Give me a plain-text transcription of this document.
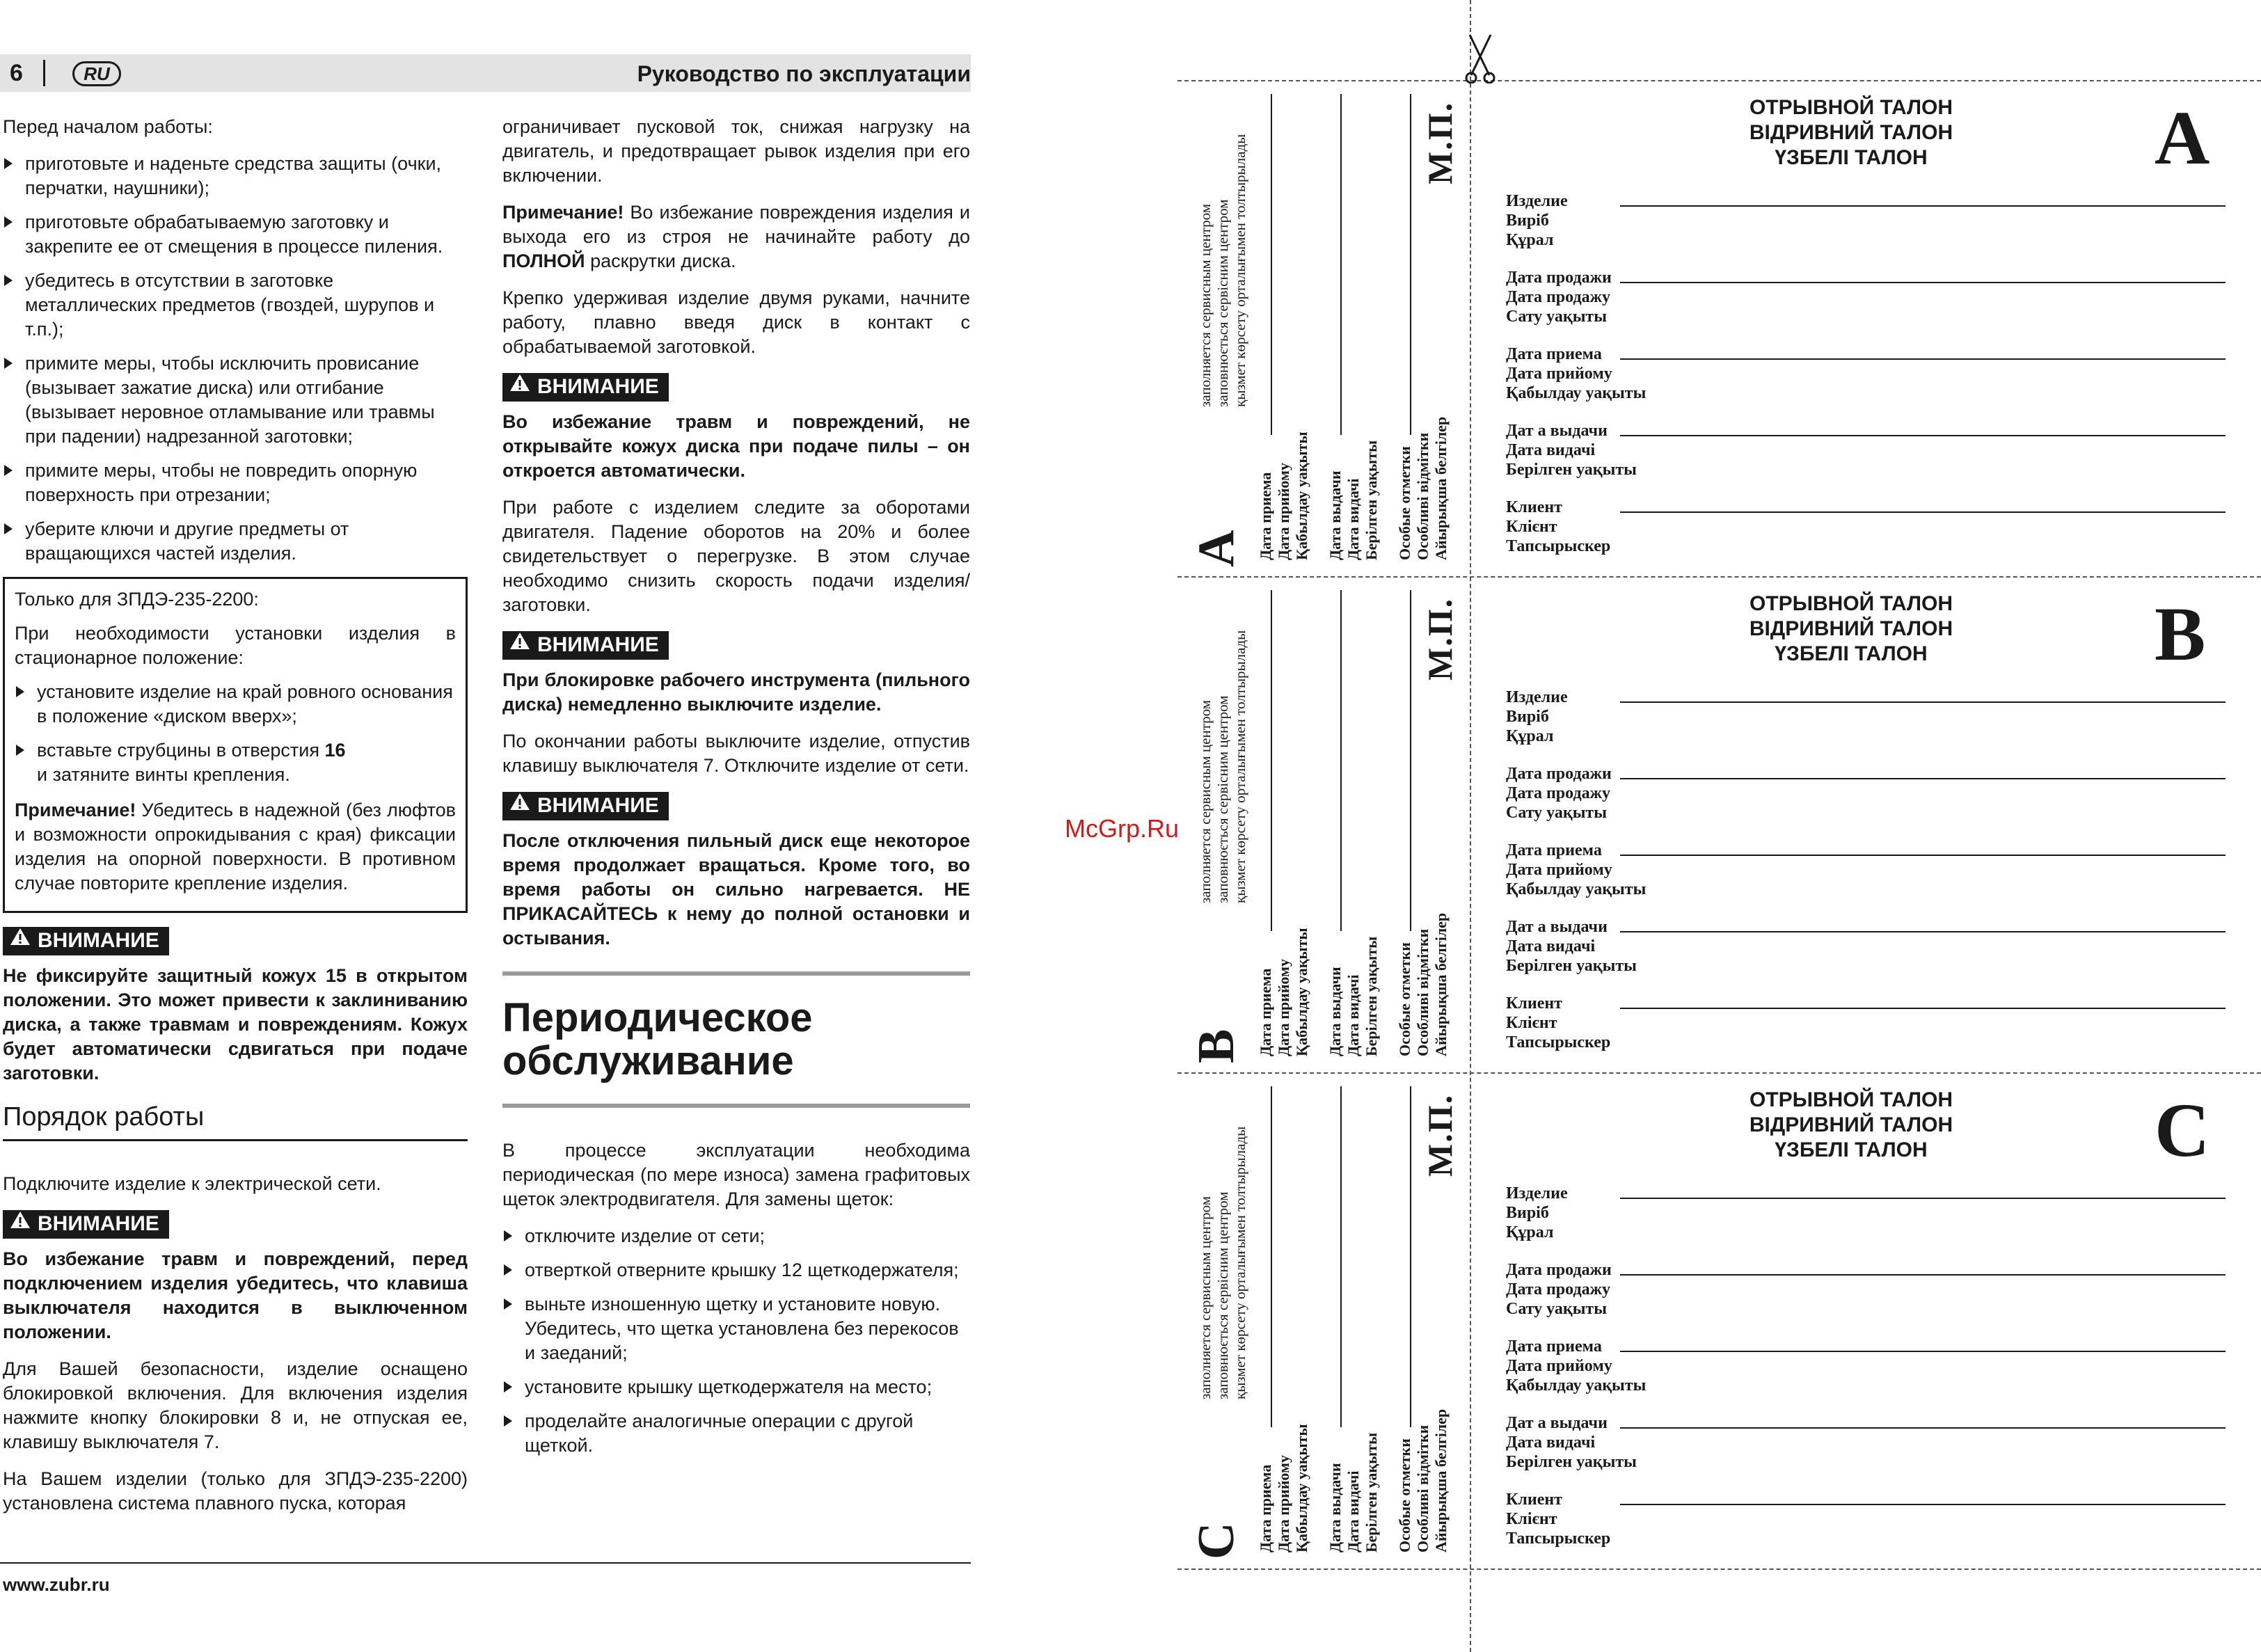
6	RU	Руководство по эксплуатации

Перед началом работы:

приготовьте и наденьте средства защиты (очки, перчатки, наушники);
приготовьте обрабатываемую заготовку и закрепите ее от смещения в процессе пиления.
убедитесь в отсутствии в заготовке металлических предметов (гвоздей, шурупов и т.п.);
примите меры, чтобы исключить провисание (вызывает зажатие диска) или отгибание (вызывает неровное отламывание или травмы при падении) надрезанной заготовки;
примите меры, чтобы не повредить опорную поверхность при отрезании;
уберите ключи и другие предметы от вращающихся частей изделия.

Только для ЗПДЭ-235-2200:

При необходимости установки изделия в стационарное положение:

установите изделие на край ровного основания в положение «диском вверх»;
вставьте струбцины в отверстия 16
и затяните винты крепления.

Примечание! Убедитесь в надежной (без люфтов и возможности опрокидывания с края) фиксации изделия на опорной поверхности. В противном случае повторите крепление изделия.

ВНИМАНИЕ

Не фиксируйте защитный кожух 15 в открытом положении. Это может привести к заклиниванию диска, а также травмам и повреждениям. Кожух будет автоматически сдвигаться при подаче заготовки.

Порядок работы

Подключите изделие к электрической сети.

ВНИМАНИЕ

Во избежание травм и повреждений, перед подключением изделия убедитесь, что клавиша выключателя находится в выключенном положении.

Для Вашей безопасности, изделие оснащено блокировкой включения. Для включения изделия нажмите кнопку блокировки 8 и, не отпуская ее, клавишу выключателя 7.

На Вашем изделии (только для ЗПДЭ-235-2200) установлена система плавного пуска, которая

ограничивает пусковой ток, снижая нагрузку на двигатель, и предотвращает рывок изделия при его включении.

Примечание! Во избежание повреждения изделия и выхода его из строя не начинайте работу до ПОЛНОЙ раскрутки диска.

Крепко удерживая изделие двумя руками, начните работу, плавно введя диск в контакт с обрабатываемой заготовкой.

ВНИМАНИЕ

Во избежание травм и повреждений, не открывайте кожух диска при подаче пилы – он откроется автоматически.

При работе с изделием следите за оборотами двигателя. Падение оборотов на 20% и более свидетельствует о перегрузке. В этом случае необходимо снизить скорость подачи изделия/заготовки.

ВНИМАНИЕ

При блокировке рабочего инструмента (пильного диска) немедленно выключите изделие.

По окончании работы выключите изделие, отпустив клавишу выключателя 7. Отключите изделие от сети.

ВНИМАНИЕ

После отключения пильный диск еще некоторое время продолжает вращаться. Кроме того, во время работы он сильно нагревается. НЕ ПРИКАСАЙТЕСЬ к нему до полной остановки и остывания.

Периодическое обслуживание

В процессе эксплуатации необходима периодическая (по мере износа) замена графитовых щеток электродвигателя. Для замены щеток:

отключите изделие от сети;
отверткой отверните крышку 12 щеткодержателя;
выньте изношенную щетку и установите новую. Убедитесь, что щетка установлена без перекосов и заеданий;
установите крышку щеткодержателя на место;
проделайте аналогичные операции с другой щеткой.
www.zubr.ru
McGrp.Ru
A
заполняется сервисным центром заповнюється сервісним центром қызмет көрсету орталығымен толтырылады
Дата приема Дата прийому Қабылдау уақыты Дата выдачи Дата видачі Берілген уақыты Особые отметки Особливі відмітки Айырықша белгілер
М.П.	ОТРЫВНОЙ ТАЛОН
ВІДРИВНИЙ ТАЛОН
ҮЗБЕЛІ ТАЛОН	A
Изделие
Виріб
Құрал
Дата продажи
Дата продажу
Сату уақыты
Дата приема
Дата прийому
Қабылдау уақыты
Дат а выдачи
Дата видачі
Берілген уақыты
Клиент
Клієнт
Тапсырыскер
B
заполняется сервисным центром заповнюється сервісним центром қызмет көрсету орталығымен толтырылады
Дата приема Дата прийому Қабылдау уақыты Дата выдачи Дата видачі Берілген уақыты Особые отметки Особливі відмітки Айырықша белгілер
М.П.	ОТРЫВНОЙ ТАЛОН
ВІДРИВНИЙ ТАЛОН
ҮЗБЕЛІ ТАЛОН	B
Изделие
Виріб
Құрал
Дата продажи
Дата продажу
Сату уақыты
Дата приема
Дата прийому
Қабылдау уақыты
Дат а выдачи
Дата видачі
Берілген уақыты
Клиент
Клієнт
Тапсырыскер
C
заполняется сервисным центром заповнюється сервісним центром қызмет көрсету орталығымен толтырылады
Дата приема Дата прийому Қабылдау уақыты Дата выдачи Дата видачі Берілген уақыты Особые отметки Особливі відмітки Айырықша белгілер
М.П.	ОТРЫВНОЙ ТАЛОН
ВІДРИВНИЙ ТАЛОН
ҮЗБЕЛІ ТАЛОН	C
Изделие
Виріб
Құрал
Дата продажи
Дата продажу
Сату уақыты
Дата приема
Дата прийому
Қабылдау уақыты
Дат а выдачи
Дата видачі
Берілген уақыты
Клиент
Клієнт
Тапсырыскер
